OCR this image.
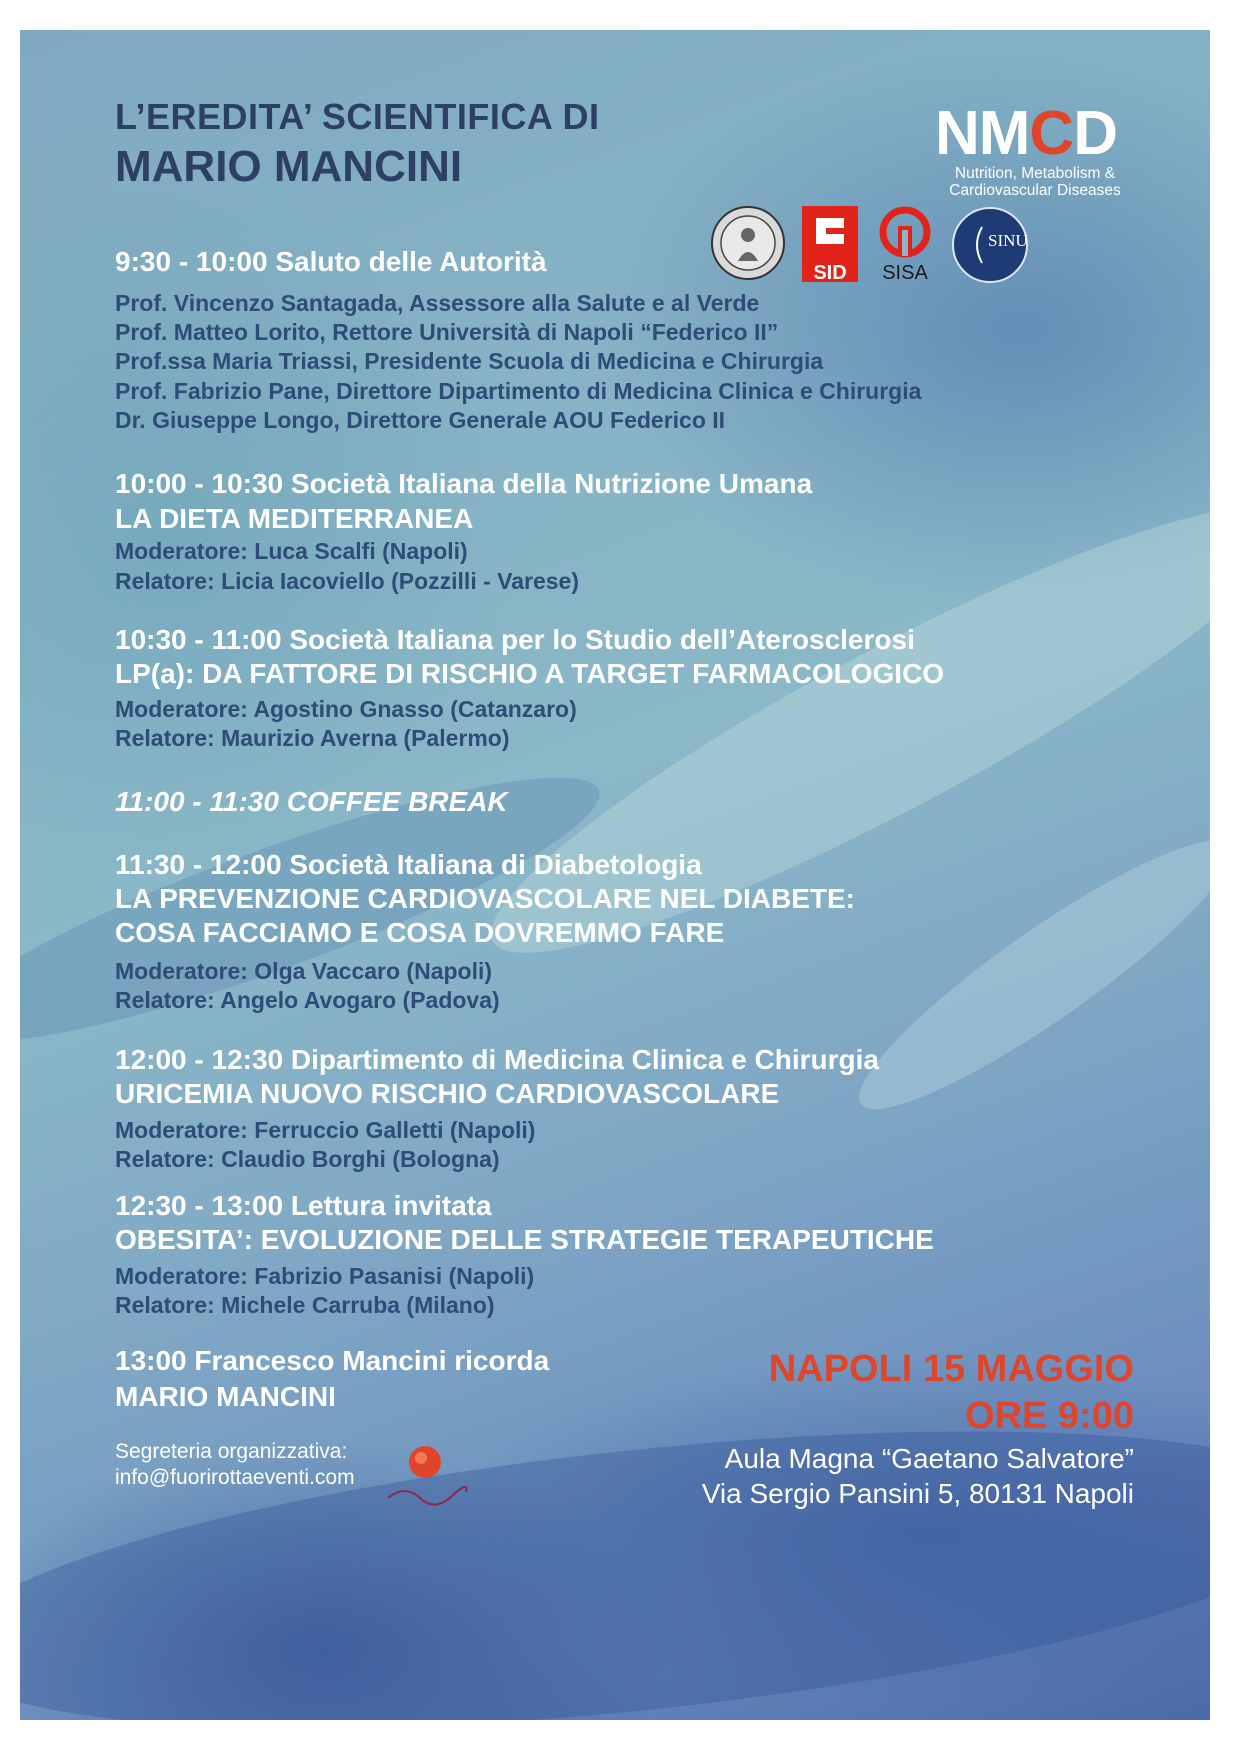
L’EREDITA’ SCIENTIFICA DI
MARIO MANCINI	NMCD
Nutrition, Metabolism &
Cardiovascular Diseases
SID	SISA
SINU
9:30 - 10:00 Saluto delle Autorità
Prof. Vincenzo Santagada, Assessore alla Salute e al Verde
Prof. Matteo Lorito, Rettore Università di Napoli “Federico II”
Prof.ssa Maria Triassi, Presidente Scuola di Medicina e Chirurgia
Prof. Fabrizio Pane, Direttore Dipartimento di Medicina Clinica e Chirurgia
Dr. Giuseppe Longo, Direttore Generale AOU Federico II
10:00 - 10:30 Società Italiana della Nutrizione Umana
LA DIETA MEDITERRANEA
Moderatore: Luca Scalfi (Napoli)
Relatore: Licia Iacoviello (Pozzilli - Varese)
10:30 - 11:00 Società Italiana per lo Studio dell’Aterosclerosi
LP(a): DA FATTORE DI RISCHIO A TARGET FARMACOLOGICO
Moderatore: Agostino Gnasso (Catanzaro)
Relatore: Maurizio Averna (Palermo)
11:00 - 11:30 COFFEE BREAK
11:30 - 12:00 Società Italiana di Diabetologia
LA PREVENZIONE CARDIOVASCOLARE NEL DIABETE:
COSA FACCIAMO E COSA DOVREMMO FARE
Moderatore: Olga Vaccaro (Napoli)
Relatore: Angelo Avogaro (Padova)
12:00 - 12:30 Dipartimento di Medicina Clinica e Chirurgia
URICEMIA NUOVO RISCHIO CARDIOVASCOLARE
Moderatore: Ferruccio Galletti (Napoli)
Relatore: Claudio Borghi (Bologna)
12:30 - 13:00 Lettura invitata
OBESITA’: EVOLUZIONE DELLE STRATEGIE TERAPEUTICHE
Moderatore: Fabrizio Pasanisi (Napoli)
Relatore: Michele Carruba (Milano)
13:00 Francesco Mancini ricorda
MARIO MANCINI
NAPOLI 15 MAGGIO
ORE 9:00
Aula Magna “Gaetano Salvatore”
Via Sergio Pansini 5, 80131 Napoli
Segreteria organizzativa:
info@fuorirottaeventi.com
